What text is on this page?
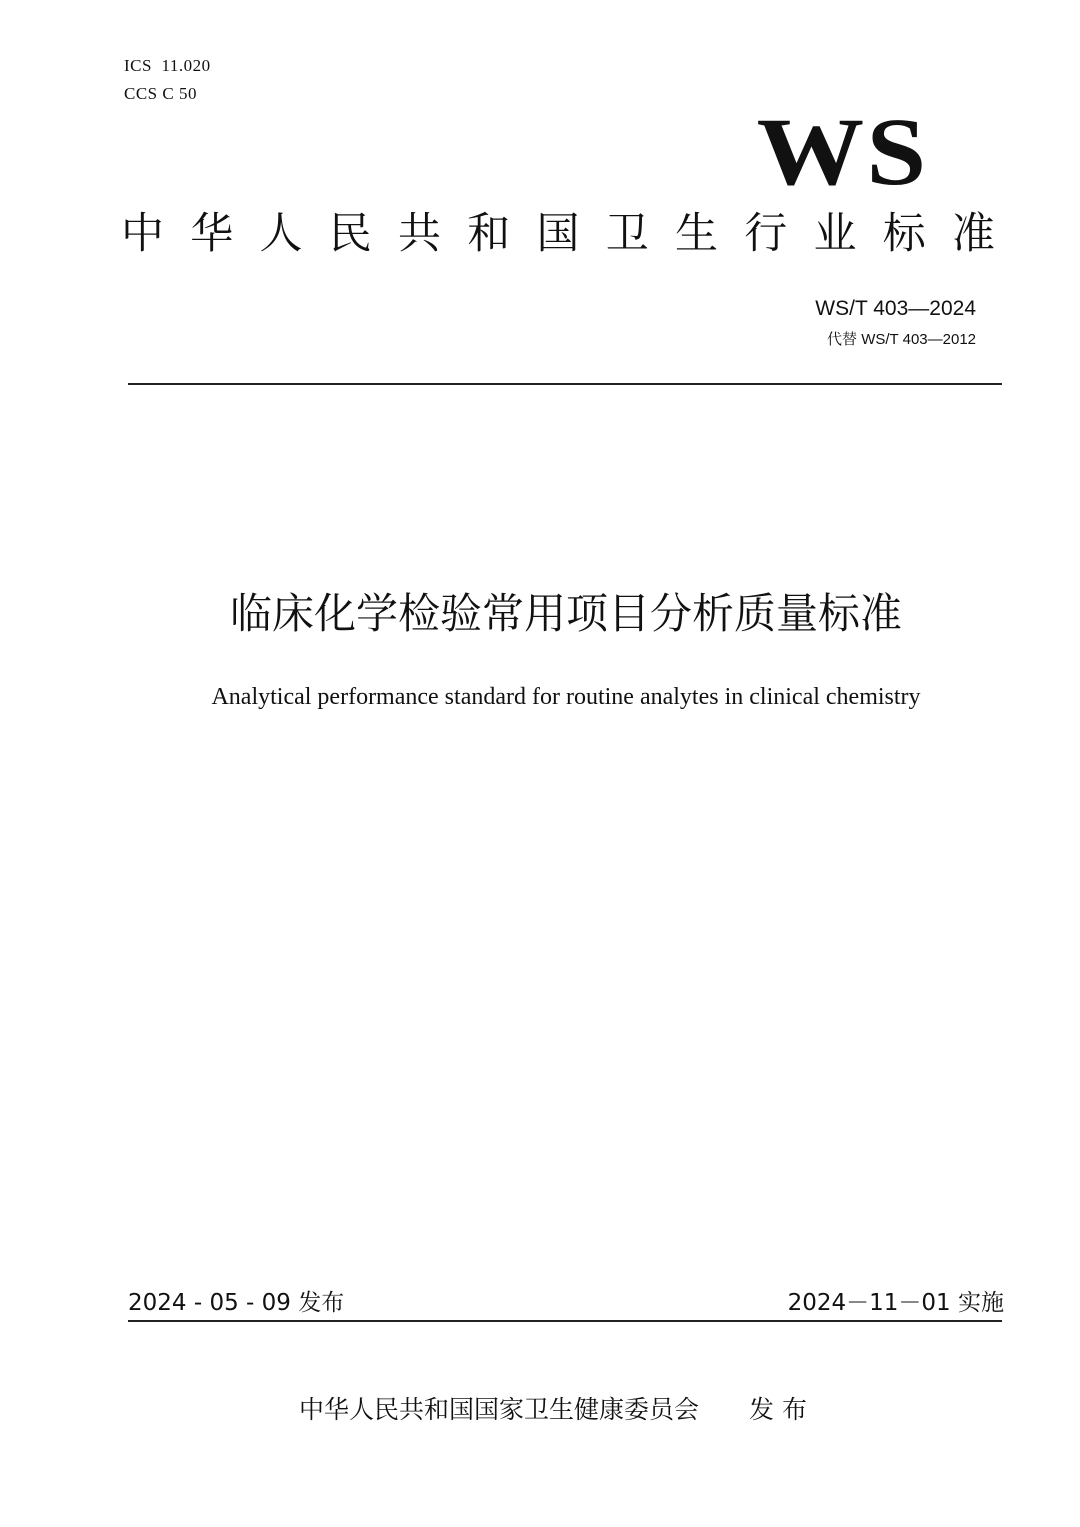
ICS  11.020
CCS C 50
WS
中 华 人 民 共 和 国 卫 生 行 业 标 准
WS/T 403—2024
代替 WS/T 403—2012
临床化学检验常用项目分析质量标准
Analytical performance standard for routine analytes in clinical chemistry
2024 - 05 - 09 发布	2024－11－01 实施
中华人民共和国国家卫生健康委员会 发 布
